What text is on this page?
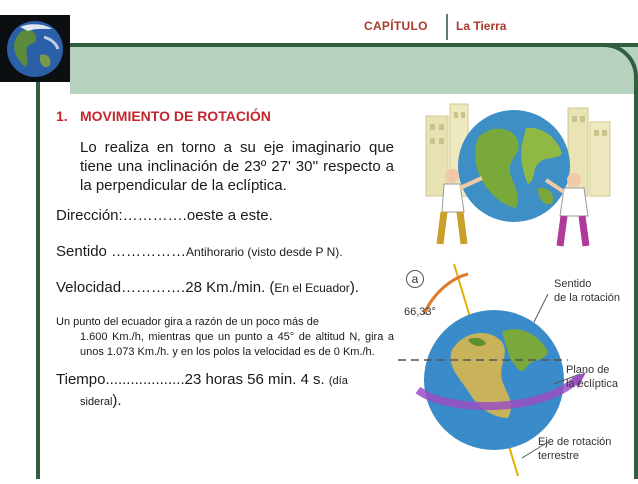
CAPÍTULO La Tierra
1. MOVIMIENTO DE ROTACIÓN
Lo realiza en torno a su eje imaginario que tiene una inclinación de 23º 27' 30'' respecto a la perpendicular de la eclíptica.
Dirección:………….oeste a este.
Sentido ……………Antihorario (visto desde P N).
Velocidad………….28 Km./min. (En el Ecuador).
Un punto del ecuador gira a razón de un poco más de
1.600 Km./h, mientras que un punto a 45° de altitud N, gira a unos 1.073 Km./h. y en los polos la velocidad es de 0 Km./h.
Tiempo...................23 horas 56 min. 4 s. (día
sideral).
a
66,33°
Sentido
de la rotación
Plano de
la eclíptica
Eje de rotación
terrestre
